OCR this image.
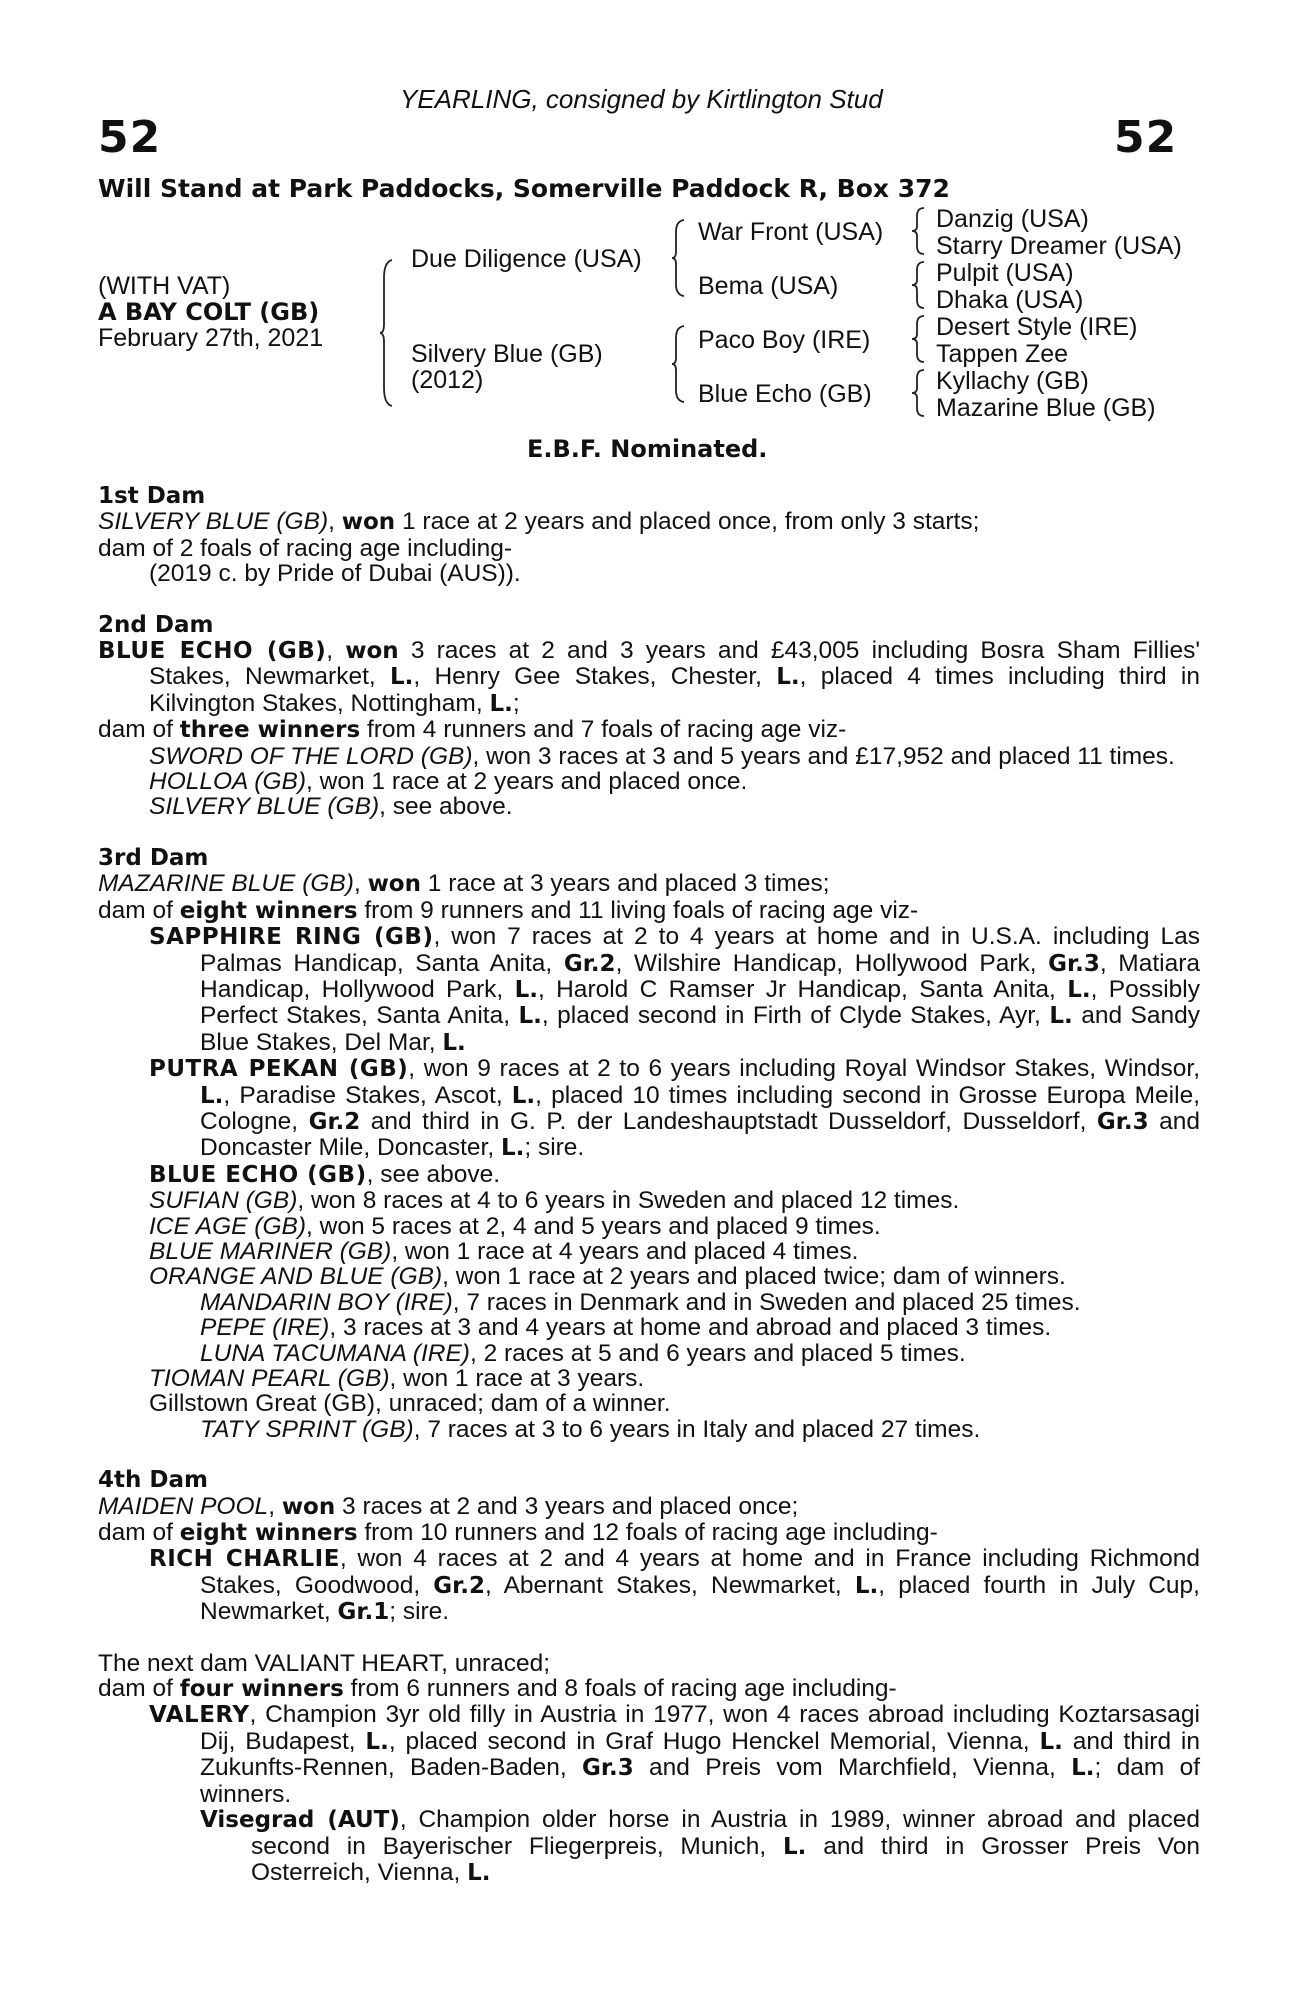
YEARLING, consigned by Kirtlington Stud
52	52
Will Stand at Park Paddocks, Somerville Paddock R, Box 372
(WITH VAT)
A BAY COLT (GB)
February 27th, 2021
Due Diligence (USA)
Silvery Blue (GB)
(2012)
War Front (USA)
Bema (USA)
Paco Boy (IRE)
Blue Echo (GB)
Danzig (USA)
Starry Dreamer (USA)
Pulpit (USA)
Dhaka (USA)
Desert Style (IRE)
Tappen Zee
Kyllachy (GB)
Mazarine Blue (GB)
E.B.F. Nominated.

1st Dam

SILVERY BLUE (GB), won 1 race at 2 years and placed once, from only 3 starts;

dam of 2 foals of racing age including-

(2019 c. by Pride of Dubai (AUS)).

2nd Dam

BLUE ECHO (GB), won 3 races at 2 and 3 years and £43,005 including Bosra Sham Fillies' Stakes, Newmarket, L., Henry Gee Stakes, Chester, L., placed 4 times including third in Kilvington Stakes, Nottingham, L.;

dam of three winners from 4 runners and 7 foals of racing age viz-

SWORD OF THE LORD (GB), won 3 races at 3 and 5 years and £17,952 and placed 11 times.

HOLLOA (GB), won 1 race at 2 years and placed once.

SILVERY BLUE (GB), see above.

3rd Dam

MAZARINE BLUE (GB), won 1 race at 3 years and placed 3 times;

dam of eight winners from 9 runners and 11 living foals of racing age viz-

SAPPHIRE RING (GB), won 7 races at 2 to 4 years at home and in U.S.A. including Las Palmas Handicap, Santa Anita, Gr.2, Wilshire Handicap, Hollywood Park, Gr.3, Matiara Handicap, Hollywood Park, L., Harold C Ramser Jr Handicap, Santa Anita, L., Possibly Perfect Stakes, Santa Anita, L., placed second in Firth of Clyde Stakes, Ayr, L. and Sandy Blue Stakes, Del Mar, L.

PUTRA PEKAN (GB), won 9 races at 2 to 6 years including Royal Windsor Stakes, Windsor, L., Paradise Stakes, Ascot, L., placed 10 times including second in Grosse Europa Meile, Cologne, Gr.2 and third in G. P. der Landeshauptstadt Dusseldorf, Dusseldorf, Gr.3 and Doncaster Mile, Doncaster, L.; sire.

BLUE ECHO (GB), see above.

SUFIAN (GB), won 8 races at 4 to 6 years in Sweden and placed 12 times.

ICE AGE (GB), won 5 races at 2, 4 and 5 years and placed 9 times.

BLUE MARINER (GB), won 1 race at 4 years and placed 4 times.

ORANGE AND BLUE (GB), won 1 race at 2 years and placed twice; dam of winners.

MANDARIN BOY (IRE), 7 races in Denmark and in Sweden and placed 25 times.

PEPE (IRE), 3 races at 3 and 4 years at home and abroad and placed 3 times.

LUNA TACUMANA (IRE), 2 races at 5 and 6 years and placed 5 times.

TIOMAN PEARL (GB), won 1 race at 3 years.

Gillstown Great (GB), unraced; dam of a winner.

TATY SPRINT (GB), 7 races at 3 to 6 years in Italy and placed 27 times.

4th Dam

MAIDEN POOL, won 3 races at 2 and 3 years and placed once;

dam of eight winners from 10 runners and 12 foals of racing age including-

RICH CHARLIE, won 4 races at 2 and 4 years at home and in France including Richmond Stakes, Goodwood, Gr.2, Abernant Stakes, Newmarket, L., placed fourth in July Cup, Newmarket, Gr.1; sire.

The next dam VALIANT HEART, unraced;

dam of four winners from 6 runners and 8 foals of racing age including-

VALERY, Champion 3yr old filly in Austria in 1977, won 4 races abroad including Koztarsasagi Dij, Budapest, L., placed second in Graf Hugo Henckel Memorial, Vienna, L. and third in Zukunfts-Rennen, Baden-Baden, Gr.3 and Preis vom Marchfield, Vienna, L.; dam of winners.

Visegrad (AUT), Champion older horse in Austria in 1989, winner abroad and placed second in Bayerischer Fliegerpreis, Munich, L. and third in Grosser Preis Von Osterreich, Vienna, L.
